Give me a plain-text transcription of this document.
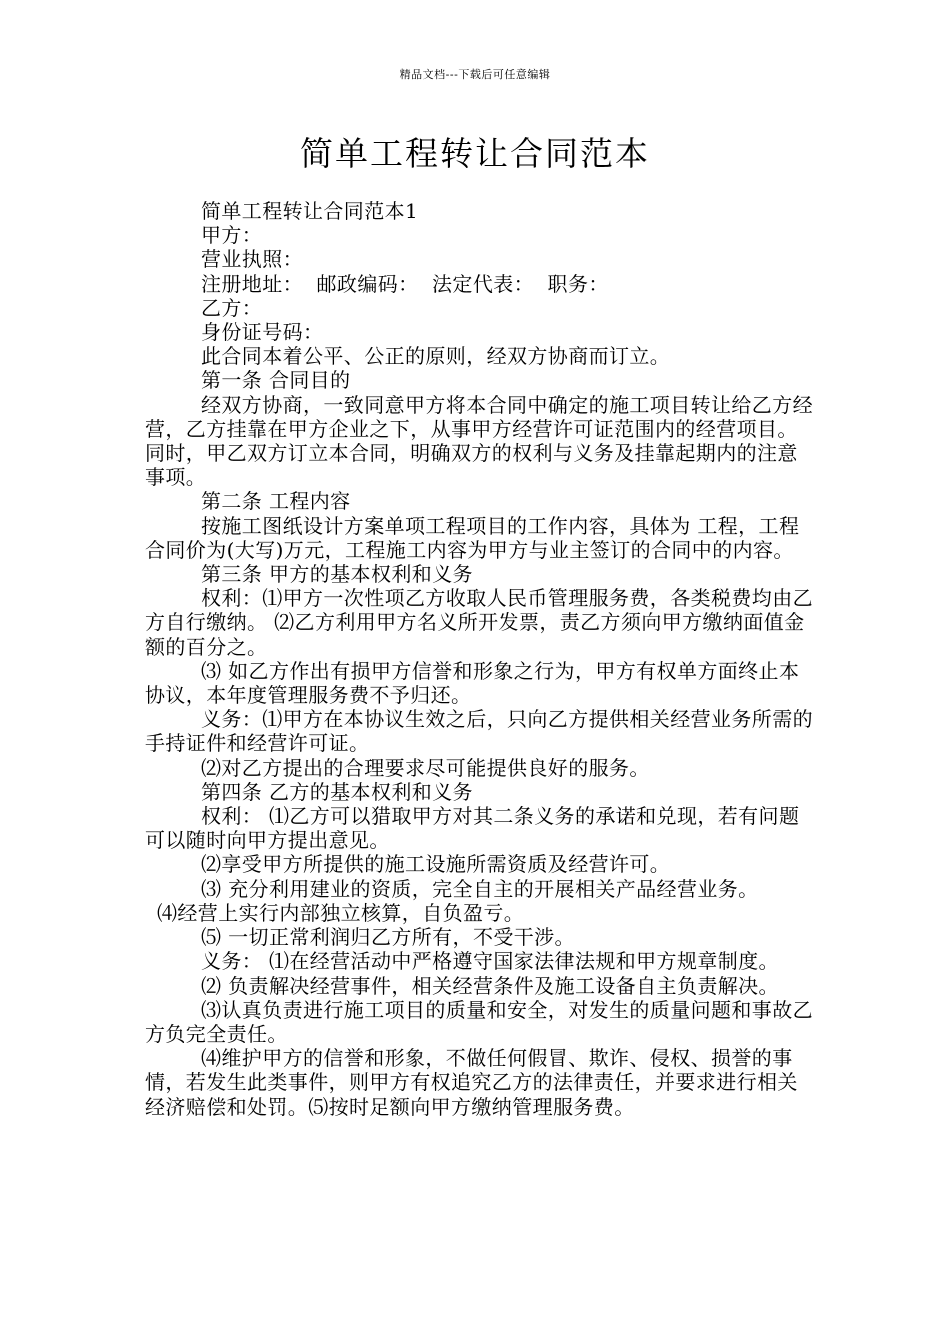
精品文档---下载后可任意编辑
简单工程转让合同范本

简单工程转让合同范本1

甲方：

营业执照：

注册地址：  邮政编码：  法定代表：  职务：

乙方：

身份证号码：

此合同本着公平、公正的原则，经双方协商而订立。

第一条 合同目的

经双方协商，一致同意甲方将本合同中确定的施工项目转让给乙方经营，乙方挂靠在甲方企业之下，从事甲方经营许可证范围内的经营项目。同时，甲乙双方订立本合同，明确双方的权利与义务及挂靠起期内的注意事项。

第二条 工程内容

按施工图纸设计方案单项工程项目的工作内容，具体为 工程，工程合同价为(大写)万元，工程施工内容为甲方与业主签订的合同中的内容。

第三条 甲方的基本权利和义务

权利：⑴甲方一次性项乙方收取人民币管理服务费，各类税费均由乙方自行缴纳。 ⑵乙方利用甲方名义所开发票，责乙方须向甲方缴纳面值金额的百分之。

⑶ 如乙方作出有损甲方信誉和形象之行为，甲方有权单方面终止本协议，本年度管理服务费不予归还。

义务：⑴甲方在本协议生效之后，只向乙方提供相关经营业务所需的手持证件和经营许可证。

⑵对乙方提出的合理要求尽可能提供良好的服务。

第四条 乙方的基本权利和义务

权利： ⑴乙方可以猎取甲方对其二条义务的承诺和兑现，若有问题可以随时向甲方提出意见。

⑵享受甲方所提供的施工设施所需资质及经营许可。

⑶ 充分利用建业的资质，完全自主的开展相关产品经营业务。

⑷经营上实行内部独立核算，自负盈亏。

⑸ 一切正常利润归乙方所有，不受干涉。

义务： ⑴在经营活动中严格遵守国家法律法规和甲方规章制度。

⑵ 负责解决经营事件，相关经营条件及施工设备自主负责解决。

⑶认真负责进行施工项目的质量和安全，对发生的质量问题和事故乙方负完全责任。

⑷维护甲方的信誉和形象，不做任何假冒、欺诈、侵权、损誉的事情，若发生此类事件，则甲方有权追究乙方的法律责任，并要求进行相关经济赔偿和处罚。⑸按时足额向甲方缴纳管理服务费。
